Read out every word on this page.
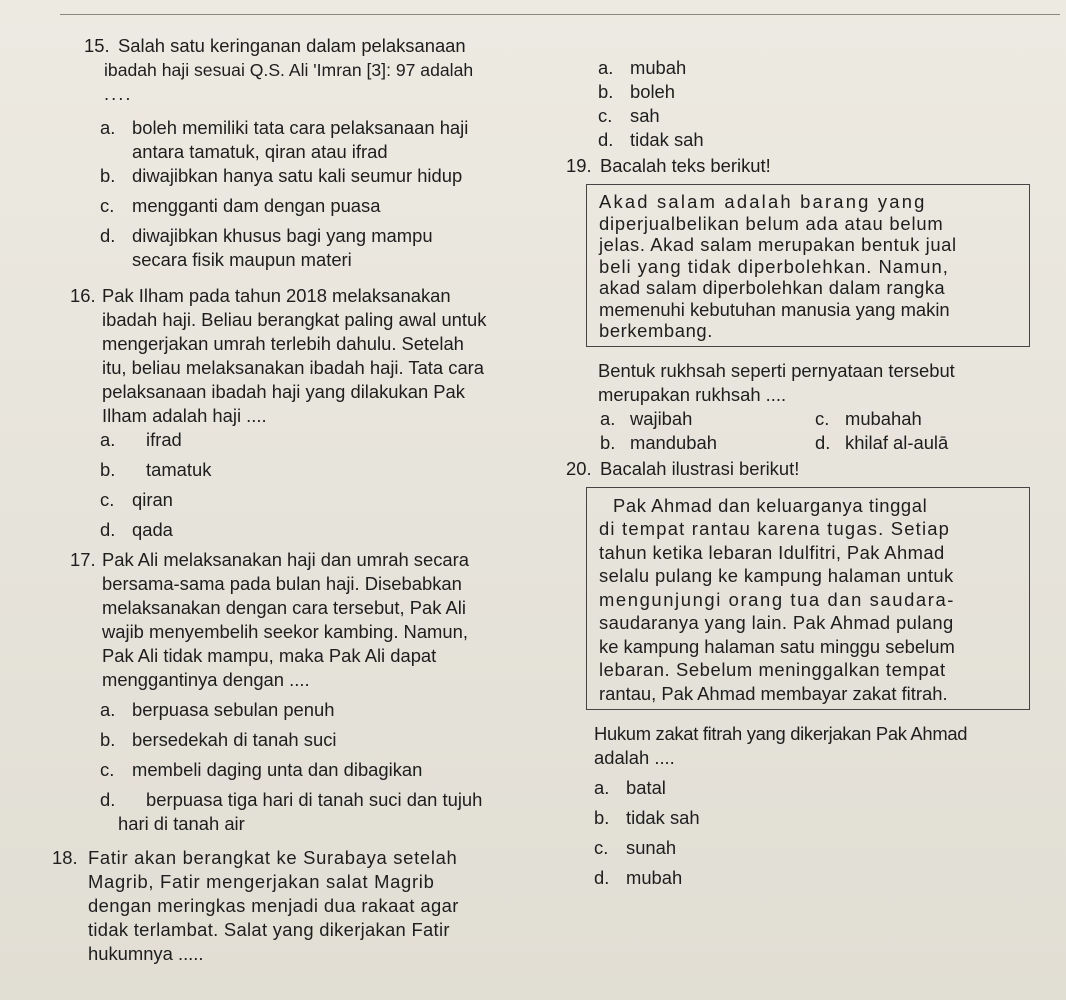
15. Salah satu keringanan dalam pelaksanaan
ibadah haji sesuai Q.S. Ali 'Imran [3]: 97 adalah
....
a. boleh memiliki tata cara pelaksanaan haji
antara tamatuk, qiran atau ifrad
b. diwajibkan hanya satu kali seumur hidup
c. mengganti dam dengan puasa
d. diwajibkan khusus bagi yang mampu
secara fisik maupun materi
16. Pak Ilham pada tahun 2018 melaksanakan
ibadah haji. Beliau berangkat paling awal untuk
mengerjakan umrah terlebih dahulu. Setelah
itu, beliau melaksanakan ibadah haji. Tata cara
pelaksanaan ibadah haji yang dilakukan Pak
Ilham adalah haji ....
a. ifrad
b. tamatuk
c. qiran
d. qada
17. Pak Ali melaksanakan haji dan umrah secara
bersama-sama pada bulan haji. Disebabkan
melaksanakan dengan cara tersebut, Pak Ali
wajib menyembelih seekor kambing. Namun,
Pak Ali tidak mampu, maka Pak Ali dapat
menggantinya dengan ....
a. berpuasa sebulan penuh
b. bersedekah di tanah suci
c. membeli daging unta dan dibagikan
d. berpuasa tiga hari di tanah suci dan tujuh
hari di tanah air
18. Fatir akan berangkat ke Surabaya setelah
Magrib, Fatir mengerjakan salat Magrib
dengan meringkas menjadi dua rakaat agar
tidak terlambat. Salat yang dikerjakan Fatir
hukumnya .....
a. mubah
b. boleh
c. sah
d. tidak sah
19. Bacalah teks berikut!
Akad salam adalah barang yang
diperjualbelikan belum ada atau belum
jelas. Akad salam merupakan bentuk jual
beli yang tidak diperbolehkan. Namun,
akad salam diperbolehkan dalam rangka
memenuhi kebutuhan manusia yang makin
berkembang.
Bentuk rukhsah seperti pernyataan tersebut
merupakan rukhsah ....
a. wajibah	c. mubahah
b. mandubah	d. khilaf al-aulā
20. Bacalah ilustrasi berikut!
Pak Ahmad dan keluarganya tinggal
di tempat rantau karena tugas. Setiap
tahun ketika lebaran Idulfitri, Pak Ahmad
selalu pulang ke kampung halaman untuk
mengunjungi orang tua dan saudara-
saudaranya yang lain. Pak Ahmad pulang
ke kampung halaman satu minggu sebelum
lebaran. Sebelum meninggalkan tempat
rantau, Pak Ahmad membayar zakat fitrah.
Hukum zakat fitrah yang dikerjakan Pak Ahmad
adalah ....
a. batal
b. tidak sah
c. sunah
d. mubah
